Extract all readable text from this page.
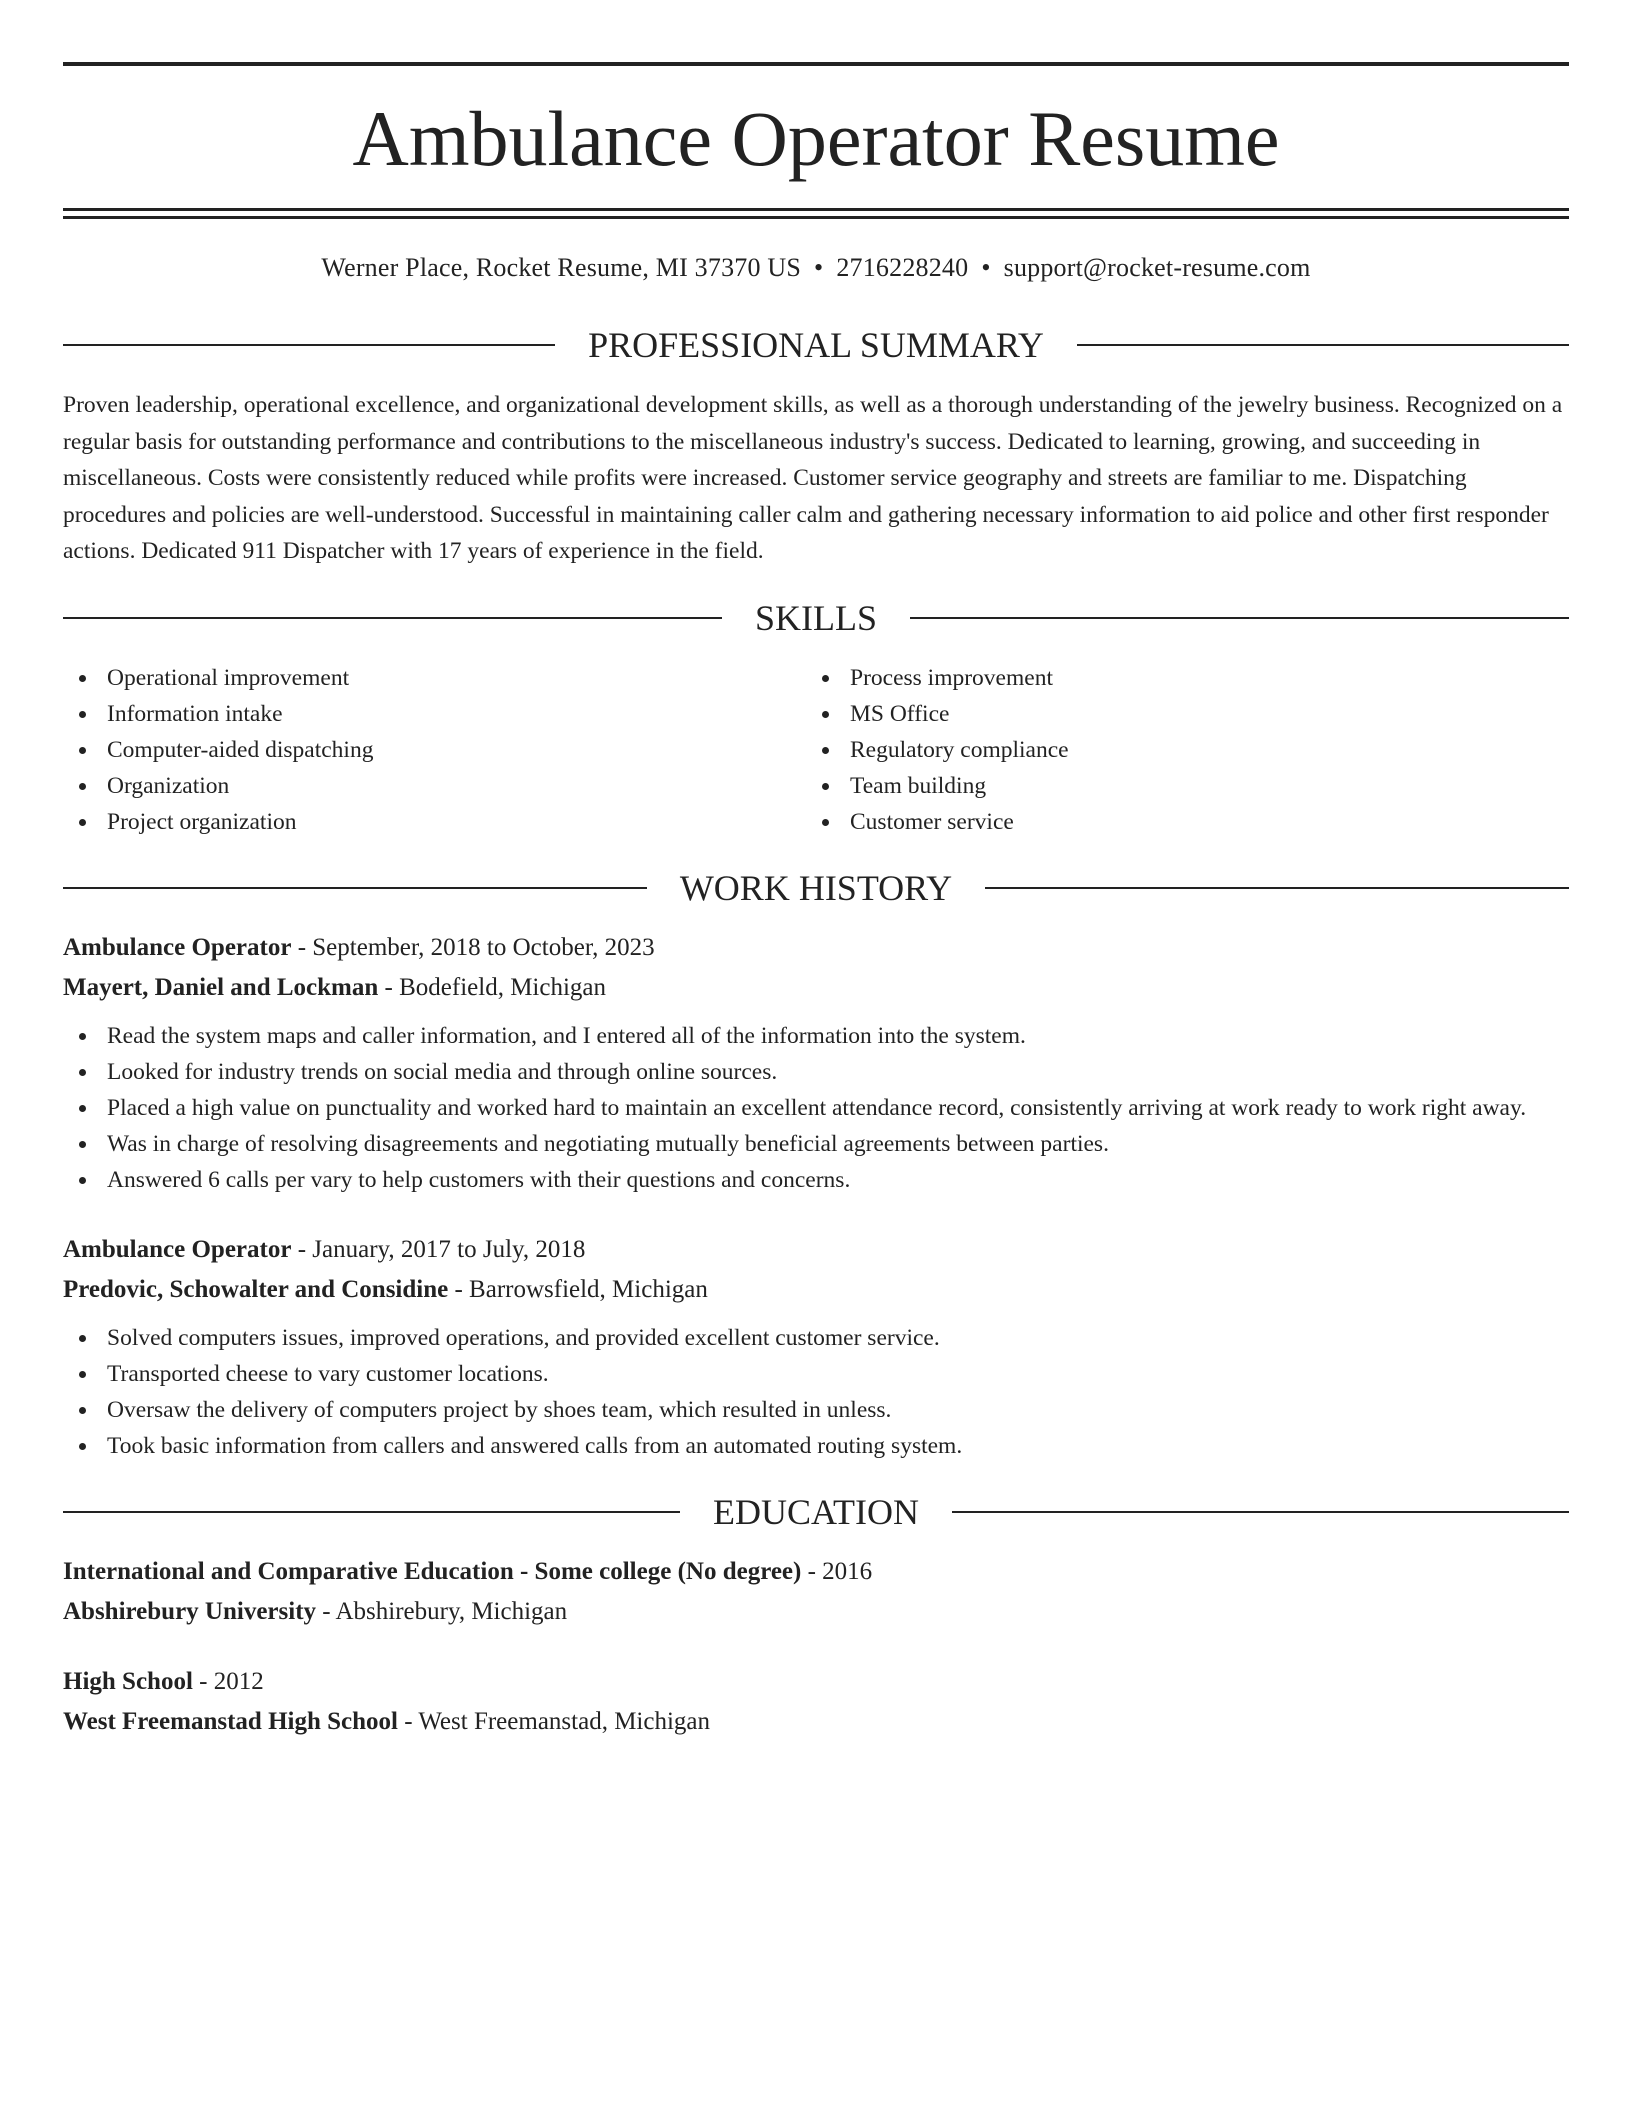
Ambulance Operator Resume
Werner Place, Rocket Resume, MI 37370 US • 2716228240 • support@rocket-resume.com
PROFESSIONAL SUMMARY

Proven leadership, operational excellence, and organizational development skills, as well as a thorough understanding of the jewelry business. Recognized on a regular basis for outstanding performance and contributions to the miscellaneous industry's success. Dedicated to learning, growing, and succeeding in miscellaneous. Costs were consistently reduced while profits were increased. Customer service geography and streets are familiar to me. Dispatching procedures and policies are well-understood. Successful in maintaining caller calm and gathering necessary information to aid police and other first responder actions. Dedicated 911 Dispatcher with 17 years of experience in the field.

SKILLS
Operational improvement
Information intake
Computer-aided dispatching
Organization
Project organization
Process improvement
MS Office
Regulatory compliance
Team building
Customer service
WORK HISTORY
Ambulance Operator - September, 2018 to October, 2023
Mayert, Daniel and Lockman - Bodefield, Michigan
Read the system maps and caller information, and I entered all of the information into the system.
Looked for industry trends on social media and through online sources.
Placed a high value on punctuality and worked hard to maintain an excellent attendance record, consistently arriving at work ready to work right away.
Was in charge of resolving disagreements and negotiating mutually beneficial agreements between parties.
Answered 6 calls per vary to help customers with their questions and concerns.
Ambulance Operator - January, 2017 to July, 2018
Predovic, Schowalter and Considine - Barrowsfield, Michigan
Solved computers issues, improved operations, and provided excellent customer service.
Transported cheese to vary customer locations.
Oversaw the delivery of computers project by shoes team, which resulted in unless.
Took basic information from callers and answered calls from an automated routing system.
EDUCATION
International and Comparative Education - Some college (No degree) - 2016
Abshirebury University - Abshirebury, Michigan
High School - 2012
West Freemanstad High School - West Freemanstad, Michigan
